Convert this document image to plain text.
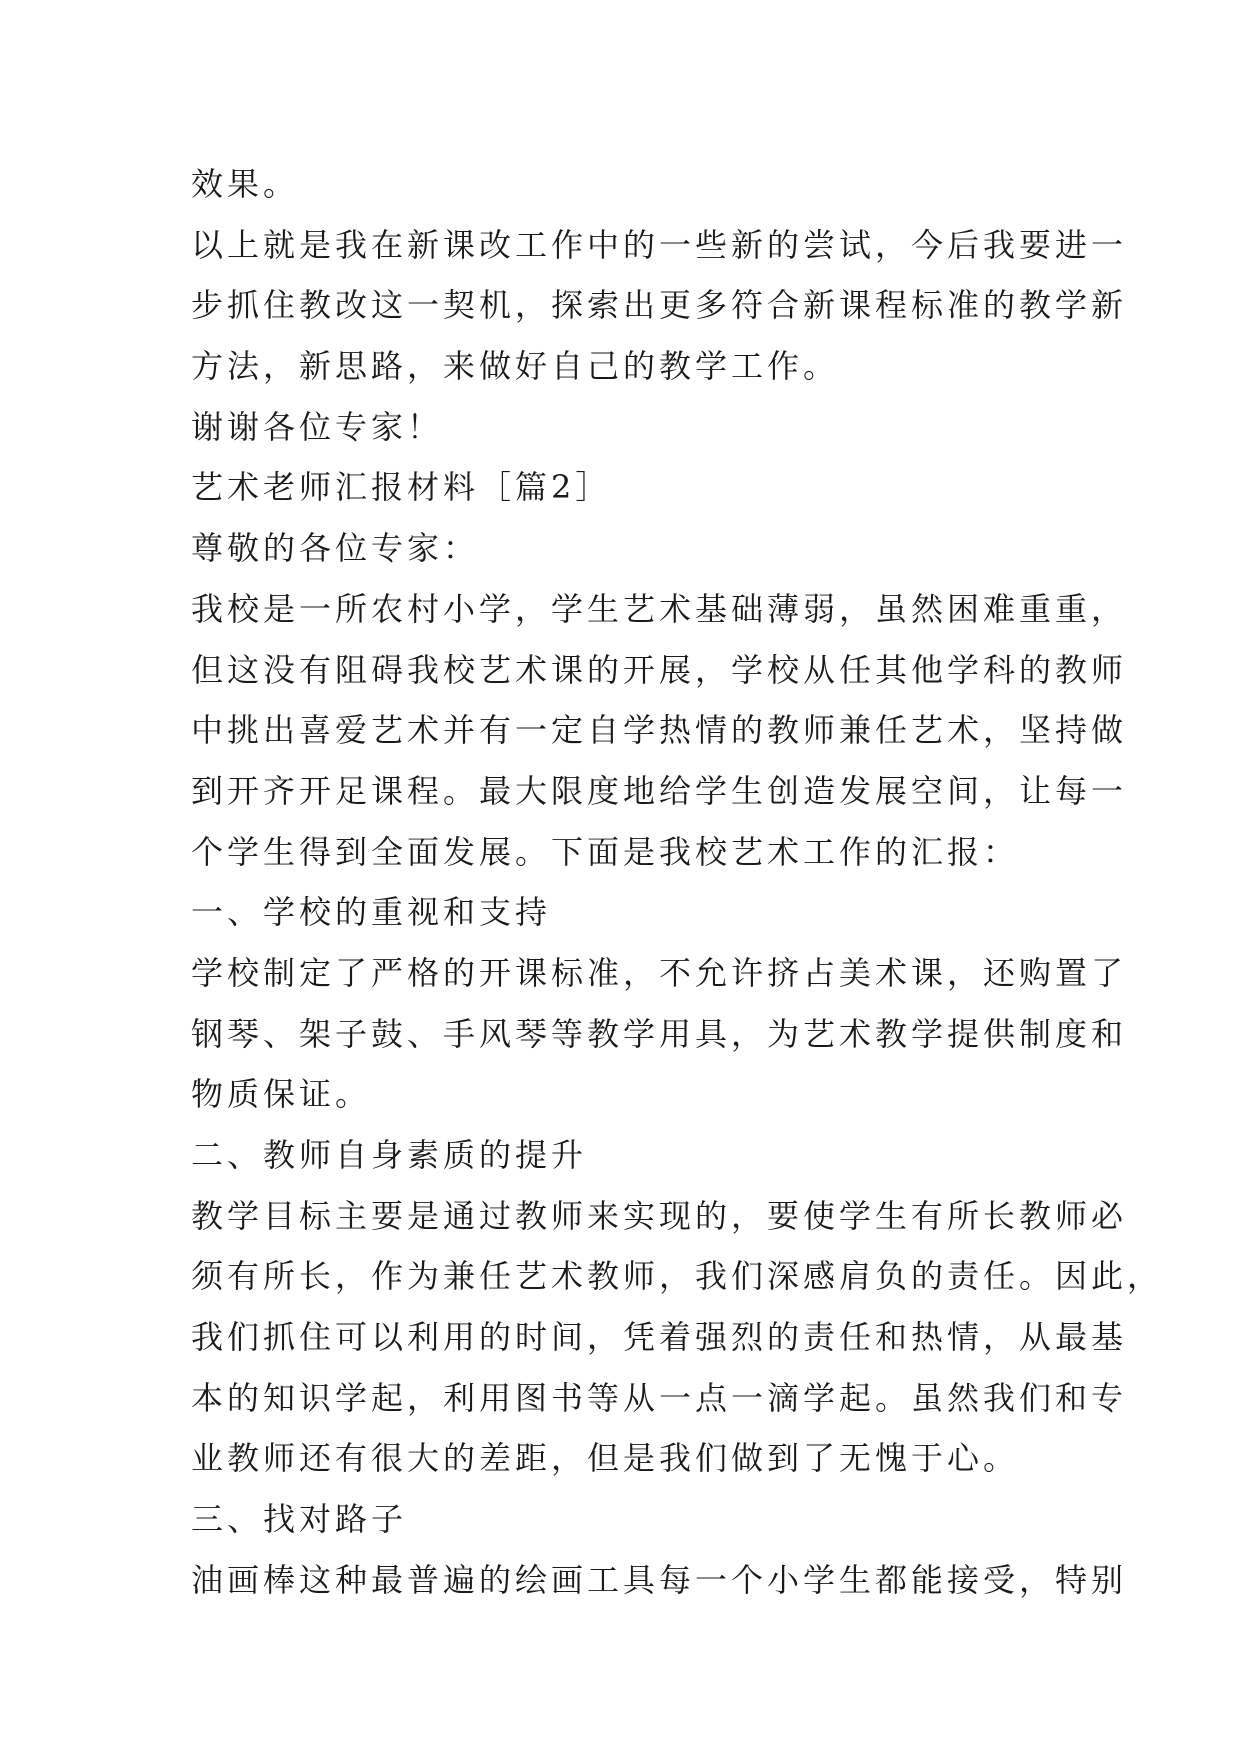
效果。

以上就是我在新课改工作中的一些新的尝试，今后我要进一

步抓住教改这一契机，探索出更多符合新课程标准的教学新

方法，新思路，来做好自己的教学工作。

谢谢各位专家！

艺术老师汇报材料［篇2］

尊敬的各位专家：

我校是一所农村小学，学生艺术基础薄弱，虽然困难重重，

但这没有阻碍我校艺术课的开展，学校从任其他学科的教师

中挑出喜爱艺术并有一定自学热情的教师兼任艺术，坚持做

到开齐开足课程。最大限度地给学生创造发展空间，让每一

个学生得到全面发展。下面是我校艺术工作的汇报：

一、学校的重视和支持

学校制定了严格的开课标准，不允许挤占美术课，还购置了

钢琴、架子鼓、手风琴等教学用具，为艺术教学提供制度和

物质保证。

二、教师自身素质的提升

教学目标主要是通过教师来实现的，要使学生有所长教师必

须有所长，作为兼任艺术教师，我们深感肩负的责任。因此，

我们抓住可以利用的时间，凭着强烈的责任和热情，从最基

本的知识学起，利用图书等从一点一滴学起。虽然我们和专

业教师还有很大的差距，但是我们做到了无愧于心。

三、找对路子

油画棒这种最普遍的绘画工具每一个小学生都能接受，特别
